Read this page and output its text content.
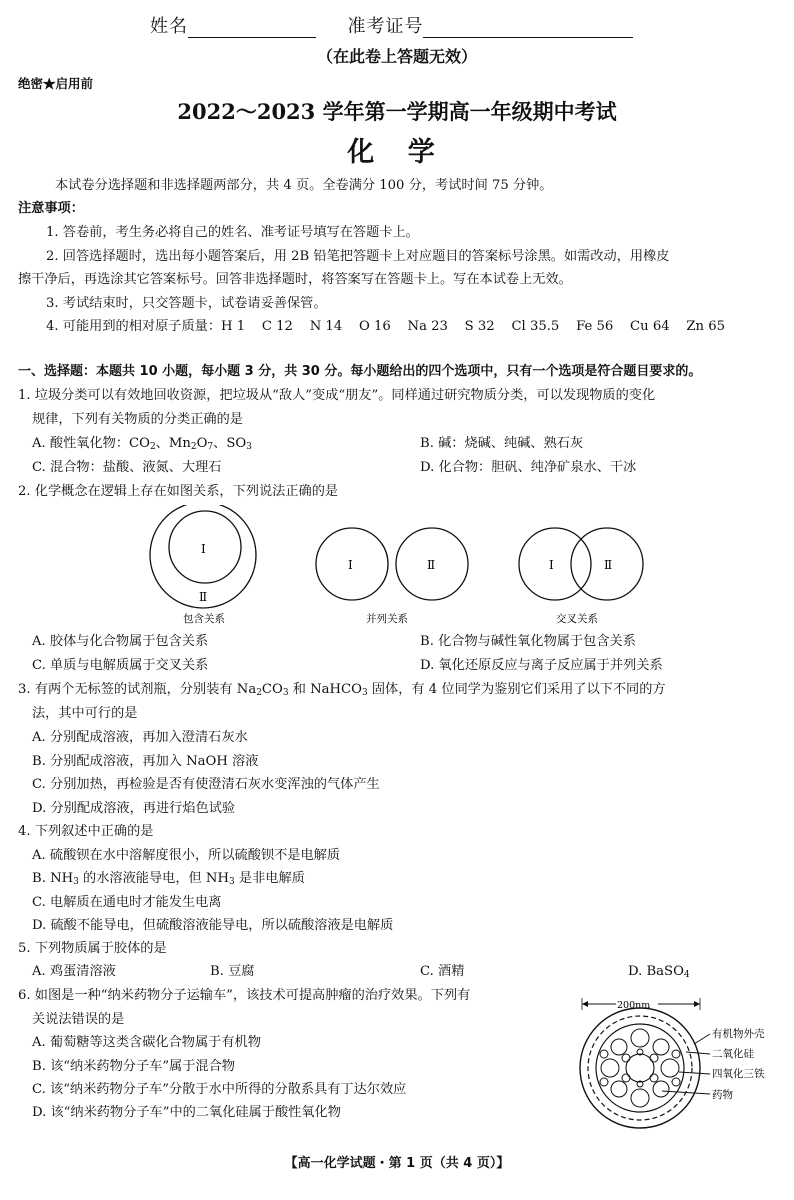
姓名	准考证号
（在此卷上答题无效）
绝密★启用前
2022～2023 学年第一学期高一年级期中考试
化 学
本试卷分选择题和非选择题两部分，共 4 页。全卷满分 100 分，考试时间 75 分钟。
注意事项：
1. 答卷前，考生务必将自己的姓名、准考证号填写在答题卡上。
2. 回答选择题时，选出每小题答案后，用 2B 铅笔把答题卡上对应题目的答案标号涂黑。如需改动，用橡皮
擦干净后，再选涂其它答案标号。回答非选择题时，将答案写在答题卡上。写在本试卷上无效。
3. 考试结束时，只交答题卡，试卷请妥善保管。
4. 可能用到的相对原子质量：H 1    C 12    N 14    O 16    Na 23    S 32    Cl 35.5    Fe 56    Cu 64    Zn 65
一、选择题：本题共 10 小题，每小题 3 分，共 30 分。每小题给出的四个选项中，只有一个选项是符合题目要求的。
1. 垃圾分类可以有效地回收资源，把垃圾从“敌人”变成“朋友”。同样通过研究物质分类，可以发现物质的变化
规律，下列有关物质的分类正确的是
A. 酸性氧化物：$CO_2$、$Mn_2O_7$、$SO_3$	B. 碱：烧碱、纯碱、熟石灰
C. 混合物：盐酸、液氮、大理石	D. 化合物：胆矾、纯净矿泉水、干冰
2. 化学概念在逻辑上存在如图关系，下列说法正确的是
Ⅰ
Ⅱ
包含关系
Ⅰ	Ⅱ
并列关系
Ⅰ	Ⅱ
交叉关系
A. 胶体与化合物属于包含关系	B. 化合物与碱性氧化物属于包含关系
C. 单质与电解质属于交叉关系	D. 氧化还原反应与离子反应属于并列关系
3. 有两个无标签的试剂瓶，分别装有 $Na_2CO_3$ 和 NaHCO$_3$ 固体，有 4 位同学为鉴别它们采用了以下不同的方
法，其中可行的是
A. 分别配成溶液，再加入澄清石灰水
B. 分别配成溶液，再加入 NaOH 溶液
C. 分别加热，再检验是否有使澄清石灰水变浑浊的气体产生
D. 分别配成溶液，再进行焰色试验
4. 下列叙述中正确的是
A. 硫酸钡在水中溶解度很小，所以硫酸钡不是电解质
B. $NH_3$ 的水溶液能导电，但 $NH_3$ 是非电解质
C. 电解质在通电时才能发生电离
D. 硫酸不能导电，但硫酸溶液能导电，所以硫酸溶液是电解质
5. 下列物质属于胶体的是
A. 鸡蛋清溶液	B. 豆腐	C. 酒精	D. BaSO$_4$
6. 如图是一种“纳米药物分子运输车”，该技术可提高肿瘤的治疗效果。下列有
关说法错误的是
A. 葡萄糖等这类含碳化合物属于有机物
B. 该“纳米药物分子车”属于混合物
C. 该“纳米药物分子车”分散于水中所得的分散系具有丁达尔效应
D. 该“纳米药物分子车”中的二氧化硅属于酸性氧化物
200nm
有机物外壳
二氧化硅
四氧化三铁
药物
【高一化学试题・第 1 页（共 4 页）】
